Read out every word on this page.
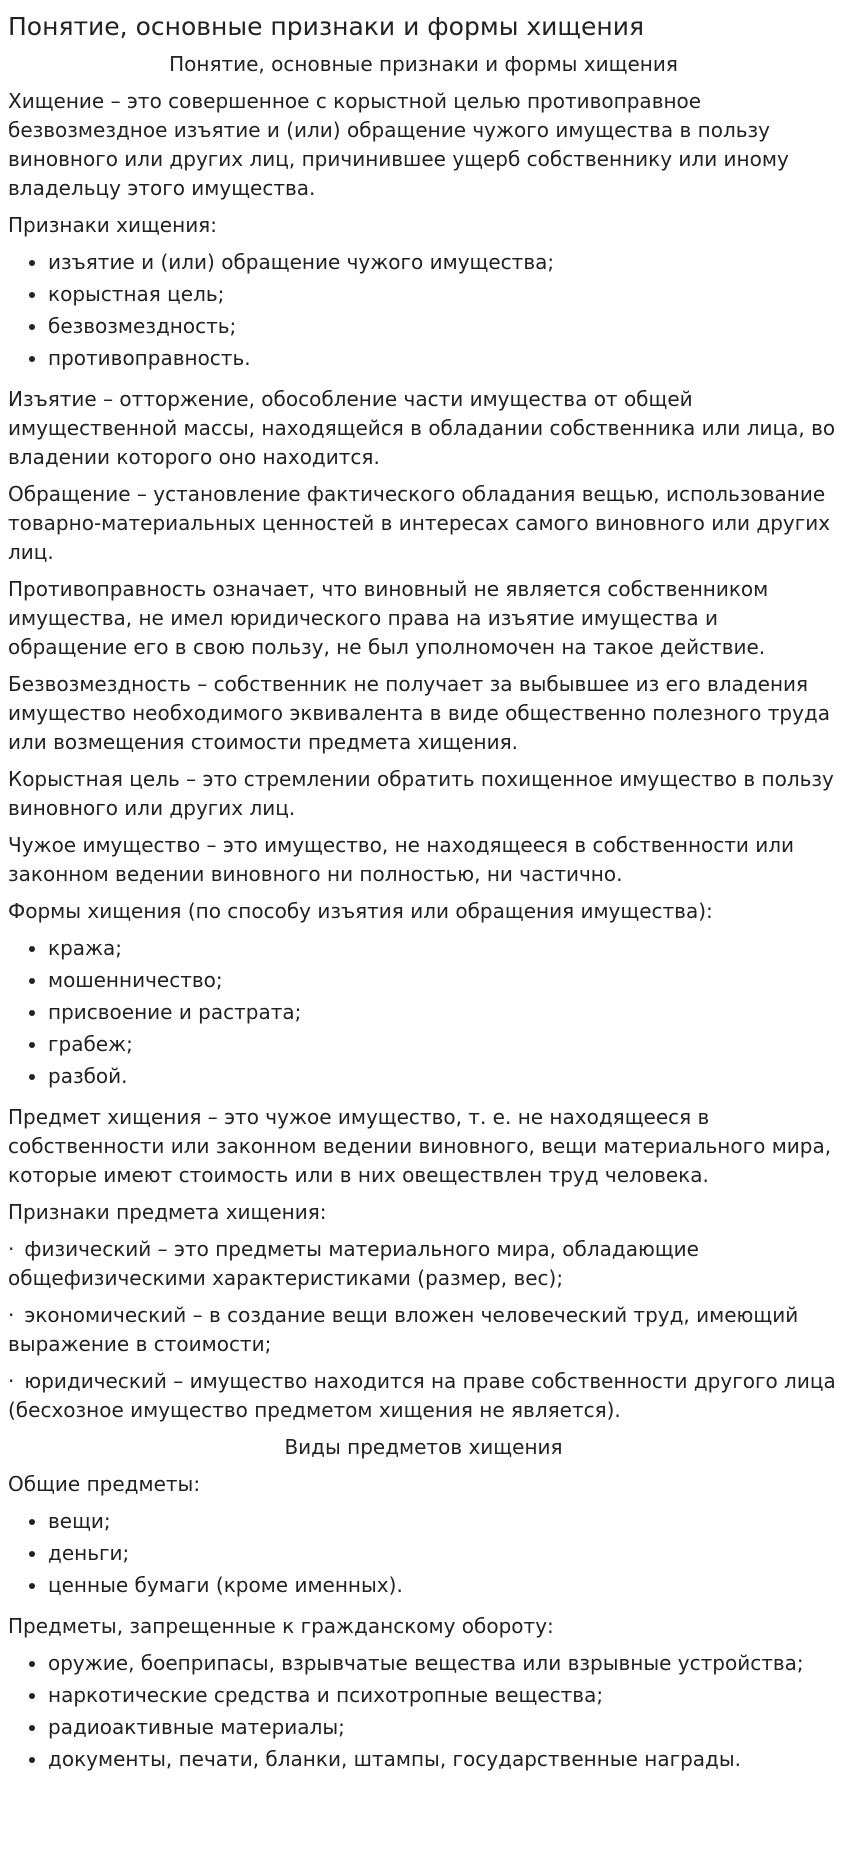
Понятие, основные признаки и формы хищения
Понятие, основные признаки и формы хищения

Хищение – это совершенное с корыстной целью противоправное безвозмездное изъятие и (или) обращение чужого имущества в пользу виновного или других лиц, причинившее ущерб собственнику или иному владельцу этого имущества.

Признаки хищения:

• изъятие и (или) обращение чужого имущества;
• корыстная цель;
• безвозмездность;
• противоправность.

Изъятие – отторжение, обособление части имущества от общей имущественной массы, находящейся в обладании собственника или лица, во владении которого оно находится.

Обращение – установление фактического обладания вещью, использование товарно-материальных ценностей в интересах самого виновного или других лиц.

Противоправность означает, что виновный не является собственником имущества, не имел юридического права на изъятие имущества и обращение его в свою пользу, не был уполномочен на такое действие.

Безвозмездность – собственник не получает за выбывшее из его владения имущество необходимого эквивалента в виде общественно полезного труда или возмещения стоимости предмета хищения.

Корыстная цель – это стремлении обратить похищенное имущество в пользу виновного или других лиц.

Чужое имущество – это имущество, не находящееся в собственности или законном ведении виновного ни полностью, ни частично.

Формы хищения (по способу изъятия или обращения имущества):

• кража;
• мошенничество;
• присвоение и растрата;
• грабеж;
• разбой.

Предмет хищения – это чужое имущество, т. е. не находящееся в собственности или законном ведении виновного, вещи материального мира, которые имеют стоимость или в них овеществлен труд человека.

Признаки предмета хищения:

· физический – это предметы материального мира, обладающие общефизическими характеристиками (размер, вес);

· экономический – в создание вещи вложен человеческий труд, имеющий выражение в стоимости;

· юридический – имущество находится на праве собственности другого лица (бесхозное имущество предметом хищения не является).

Виды предметов хищения

Общие предметы:

• вещи;
• деньги;
• ценные бумаги (кроме именных).

Предметы, запрещенные к гражданскому обороту:

• оружие, боеприпасы, взрывчатые вещества или взрывные устройства;
• наркотические средства и психотропные вещества;
• радиоактивные материалы;
• документы, печати, бланки, штампы, государственные награды.
